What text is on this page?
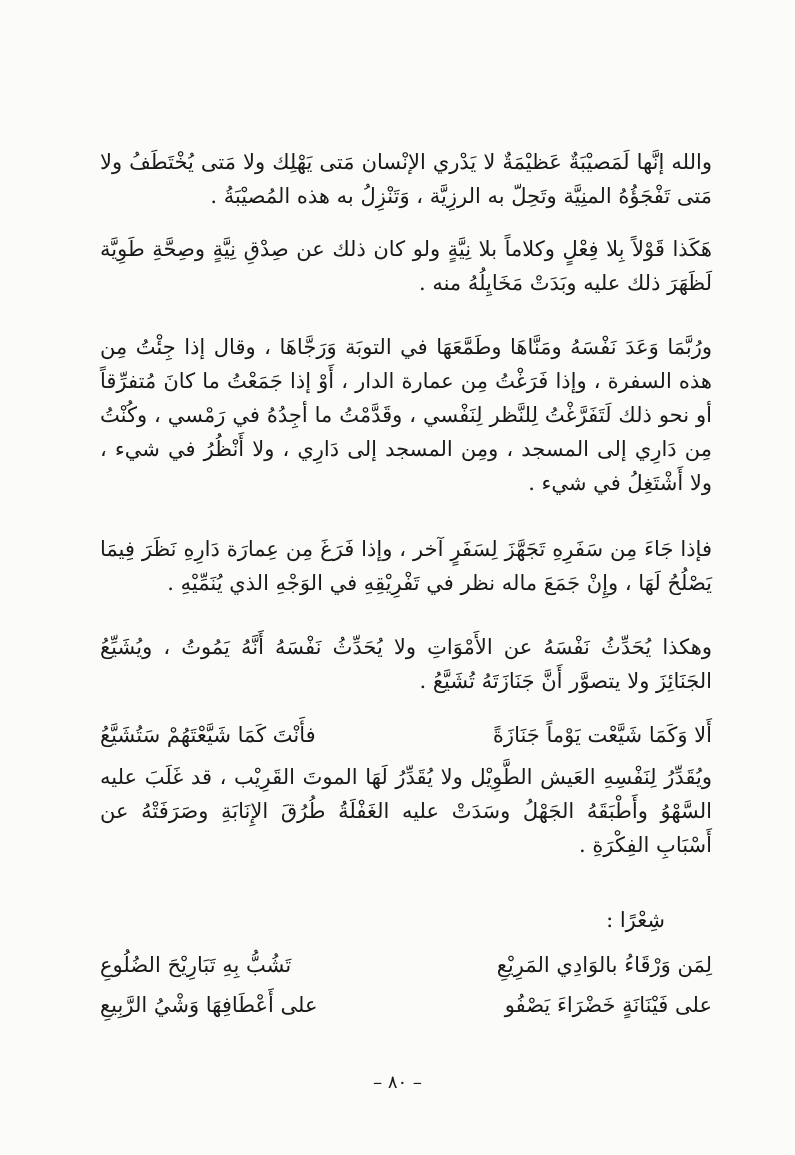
والله إنَّها لَمَصيْبَةٌ عَظيْمَةٌ لا يَدْري الإنْسان مَتى يَهْلِك ولا مَتى يُخْتَطَفُ ولا مَتى تَفْجَؤُهُ المنِيَّة وتَحِلّ به الرزِيَّة ، وَتَنْزِلُ به هذه المُصيْبَةُ .
هَكَذا قَوْلاً بِلا فِعْلٍ وكلاماً بلا نِيَّةٍ ولو كان ذلك عن صِدْقِ نِيَّةٍ وصِحَّةِ طَوِيَّة لَظَهَرَ ذلك عليه وبَدَتْ مَخَايِلُهُ منه .
ورُبَّمَا وَعَدَ نَفْسَهُ ومَنَّاهَا وطَمَّعَهَا في التوبَة وَرَجَّاهَا ، وقال إذا جِئْتُ مِن هذه السفرة ، وإذا فَرَغْتُ مِن عمارة الدار ، أَوْ إذا جَمَعْتُ ما كانَ مُتفرِّقاً أو نحو ذلك لَتَفَرَّغْتُ لِلنَّظر لِنَفْسي ، وقَدَّمْتُ ما أجِدُهُ في رَمْسي ، وكُنْتُ مِن دَارِي إلى المسجد ، ومِن المسجد إلى دَارِي ، ولا أَنْظُرُ في شيء ، ولا أَشْتَغِلُ في شيء .
فإذا جَاءَ مِن سَفَرِهِ تَجَهَّزَ لِسَفَرٍ آخر ، وإذا فَرَغَ مِن عِمارَة دَارِهِ نَظَرَ فِيمَا يَصْلُحُ لَهَا ، وإِنْ جَمَعَ ماله نظر في تَفْرِيْقِهِ في الوَجْهِ الذي يُنَمِّيْهِ .
وهكذا يُحَدِّثُ نَفْسَهُ عن الأَمْوَاتِ ولا يُحَدِّثُ نَفْسَهُ أَنَّهُ يَمُوتُ ، ويُشَيِّعُ الجَنَائِزَ ولا يتصوَّر أَنَّ جَنَازَتَهُ تُشَيَّعُ .
أَلا وَكَمَا شَيَّعْت يَوْماً جَنَازَةً
فأَنْتَ كَمَا شَيَّعْتَهُمْ سَتُشَيَّعُ
ويُقَدِّرُ لِنَفْسِهِ العَيش الطَّوِيْل ولا يُقَدِّرُ لَهَا الموتَ القَرِيْب ، قد غَلَبَ عليه السَّهْوُ وأَطْبَقَهُ الجَهْلُ وسَدَتْ عليه الغَفْلَةُ طُرُقَ الإِنَابَةِ وصَرَفَتْهُ عن أَسْبَابِ الفِكْرَةِ .
شِعْرًا :
لِمَن وَرْقَاءُ بالوَادِي المَرِيْعِ
تَشُبُّ بِهِ تَبَارِيْحَ الضُلُوعِ
على فَيْنَانَةٍ خَضْرَاءَ يَصْفُو
على أَعْطَافِهَا وَشْيُ الرَّبِيعِ
– ٨٠ –
